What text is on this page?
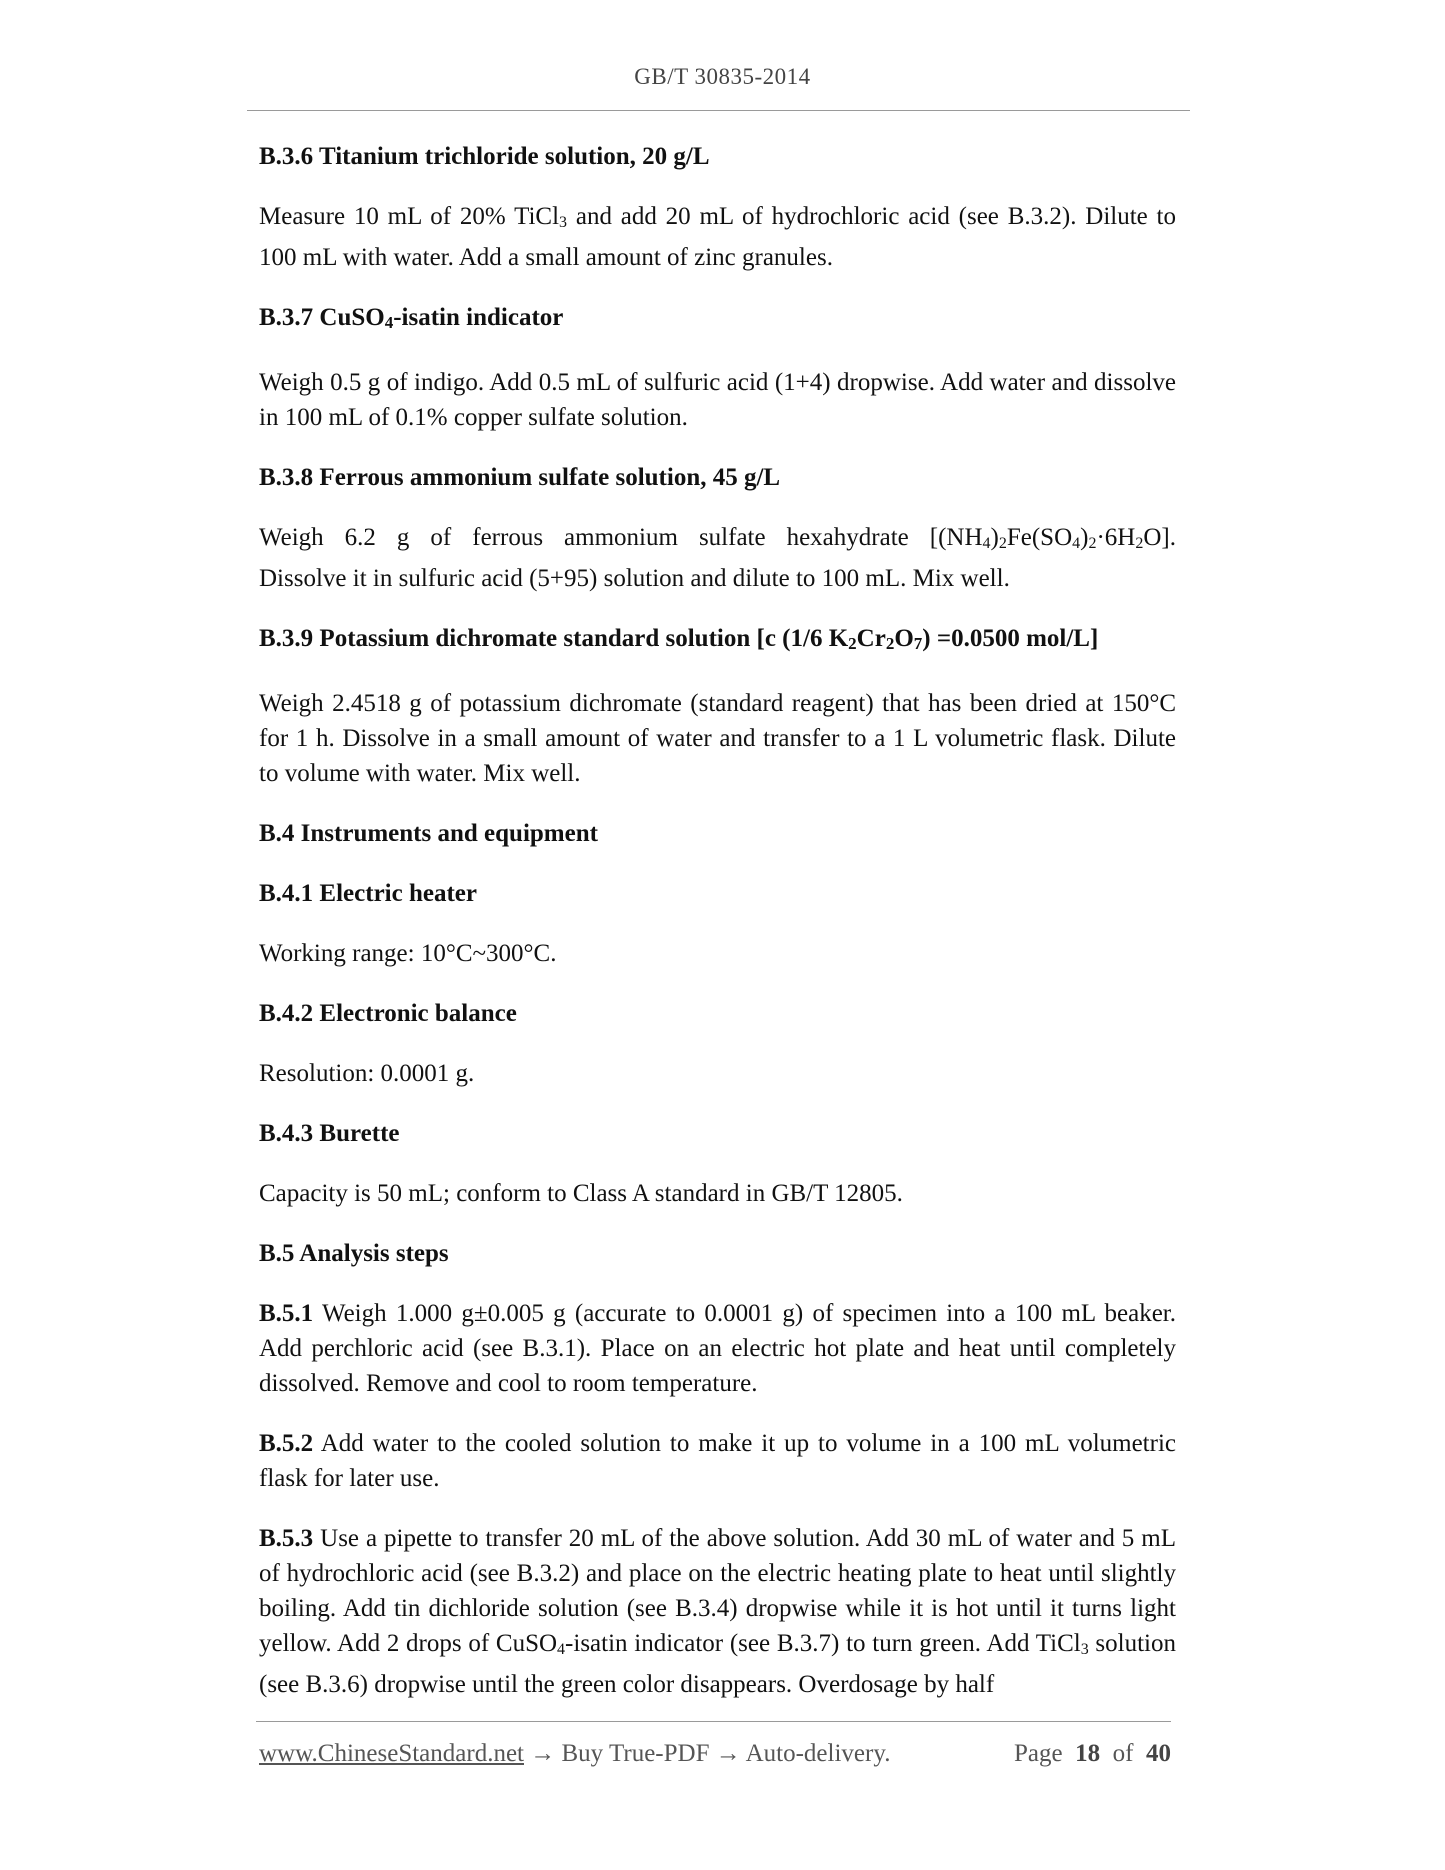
GB/T 30835-2014
B.3.6 Titanium trichloride solution, 20 g/L
Measure 10 mL of 20% TiCl3 and add 20 mL of hydrochloric acid (see B.3.2). Dilute to 100 mL with water. Add a small amount of zinc granules.
B.3.7 CuSO4-isatin indicator
Weigh 0.5 g of indigo. Add 0.5 mL of sulfuric acid (1+4) dropwise. Add water and dissolve in 100 mL of 0.1% copper sulfate solution.
B.3.8 Ferrous ammonium sulfate solution, 45 g/L
Weigh 6.2 g of ferrous ammonium sulfate hexahydrate [(NH4)2Fe(SO4)2·6H2O].
Dissolve it in sulfuric acid (5+95) solution and dilute to 100 mL. Mix well.
B.3.9 Potassium dichromate standard solution [c (1/6 K2Cr2O7) =0.0500 mol/L]
Weigh 2.4518 g of potassium dichromate (standard reagent) that has been dried at 150°C for 1 h. Dissolve in a small amount of water and transfer to a 1 L volumetric flask. Dilute to volume with water. Mix well.
B.4 Instruments and equipment
B.4.1 Electric heater
Working range: 10°C~300°C.
B.4.2 Electronic balance
Resolution: 0.0001 g.
B.4.3 Burette
Capacity is 50 mL; conform to Class A standard in GB/T 12805.
B.5 Analysis steps
B.5.1 Weigh 1.000 g±0.005 g (accurate to 0.0001 g) of specimen into a 100 mL beaker. Add perchloric acid (see B.3.1). Place on an electric hot plate and heat until completely dissolved. Remove and cool to room temperature.
B.5.2 Add water to the cooled solution to make it up to volume in a 100 mL volumetric flask for later use.
B.5.3 Use a pipette to transfer 20 mL of the above solution. Add 30 mL of water and 5 mL of hydrochloric acid (see B.3.2) and place on the electric heating plate to heat until slightly boiling. Add tin dichloride solution (see B.3.4) dropwise while it is hot until it turns light yellow. Add 2 drops of CuSO4-isatin indicator (see B.3.7) to turn green. Add TiCl3 solution (see B.3.6) dropwise until the green color disappears. Overdosage by half
www.ChineseStandard.net → Buy True-PDF → Auto-delivery.	Page 18 of 40
